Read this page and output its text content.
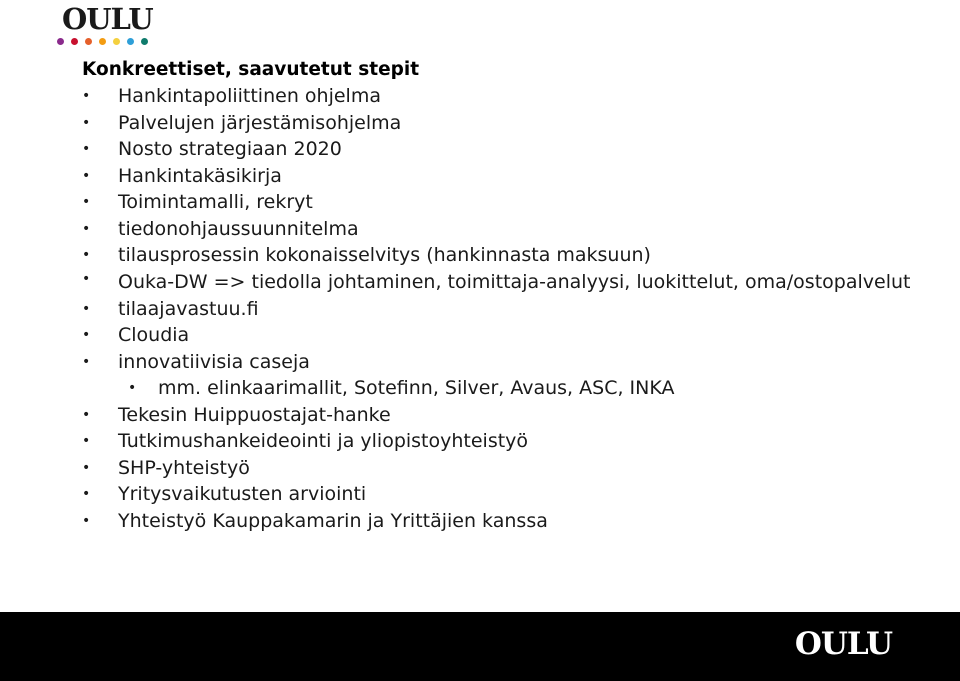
OULU
Konkreettiset, saavutetut stepit
• Hankintapoliittinen ohjelma
• Palvelujen järjestämisohjelma
• Nosto strategiaan 2020
• Hankintakäsikirja
• Toimintamalli, rekryt
• tiedonohjaussuunnitelma
• tilausprosessin kokonaisselvitys (hankinnasta maksuun)
• Ouka-DW => tiedolla johtaminen, toimittaja-analyysi, luokittelut, oma/ostopalvelut
• tilaajavastuu.fi
• Cloudia
• innovatiivisia caseja
• mm. elinkaarimallit, Sotefinn, Silver, Avaus, ASC, INKA
• Tekesin Huippuostajat-hanke
• Tutkimushankeideointi ja yliopistoyhteistyö
• SHP-yhteistyö
• Yritysvaikutusten arviointi
• Yhteistyö Kauppakamarin ja Yrittäjien kanssa
OULU
